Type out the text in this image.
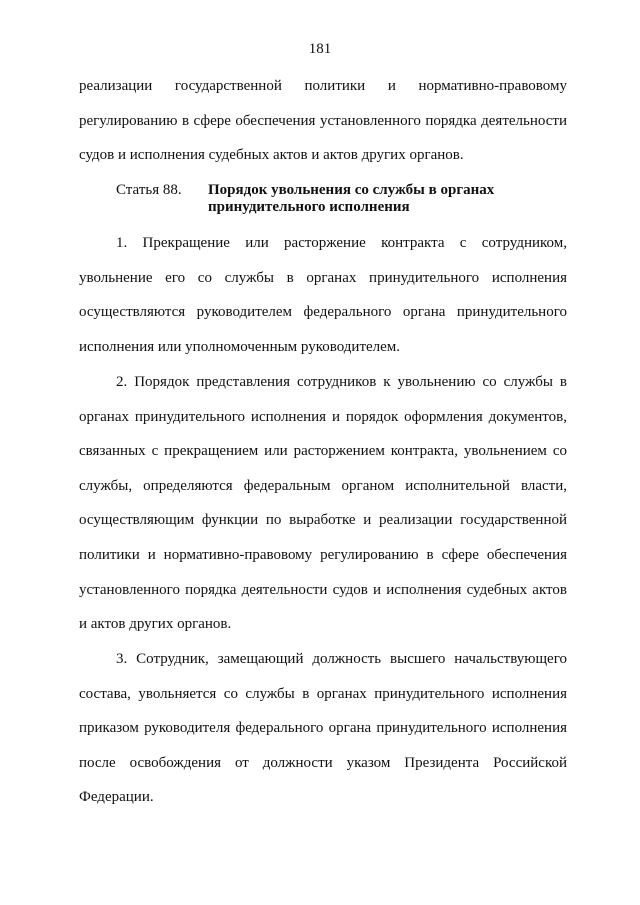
181
реализации государственной политики и нормативно-правовому
регулированию в сфере обеспечения установленного порядка деятельности
судов и исполнения судебных актов и актов других органов.
Статья 88. Порядок увольнения со службы в органах
принудительного исполнения
1. Прекращение или расторжение контракта с сотрудником,
увольнение его со службы в органах принудительного исполнения
осуществляются руководителем федерального органа принудительного
исполнения или уполномоченным руководителем.
2. Порядок представления сотрудников к увольнению со службы в
органах принудительного исполнения и порядок оформления документов,
связанных с прекращением или расторжением контракта, увольнением со
службы, определяются федеральным органом исполнительной власти,
осуществляющим функции по выработке и реализации государственной
политики и нормативно-правовому регулированию в сфере обеспечения
установленного порядка деятельности судов и исполнения судебных актов
и актов других органов.
3. Сотрудник, замещающий должность высшего начальствующего
состава, увольняется со службы в органах принудительного исполнения
приказом руководителя федерального органа принудительного исполнения
после освобождения от должности указом Президента Российской
Федерации.
